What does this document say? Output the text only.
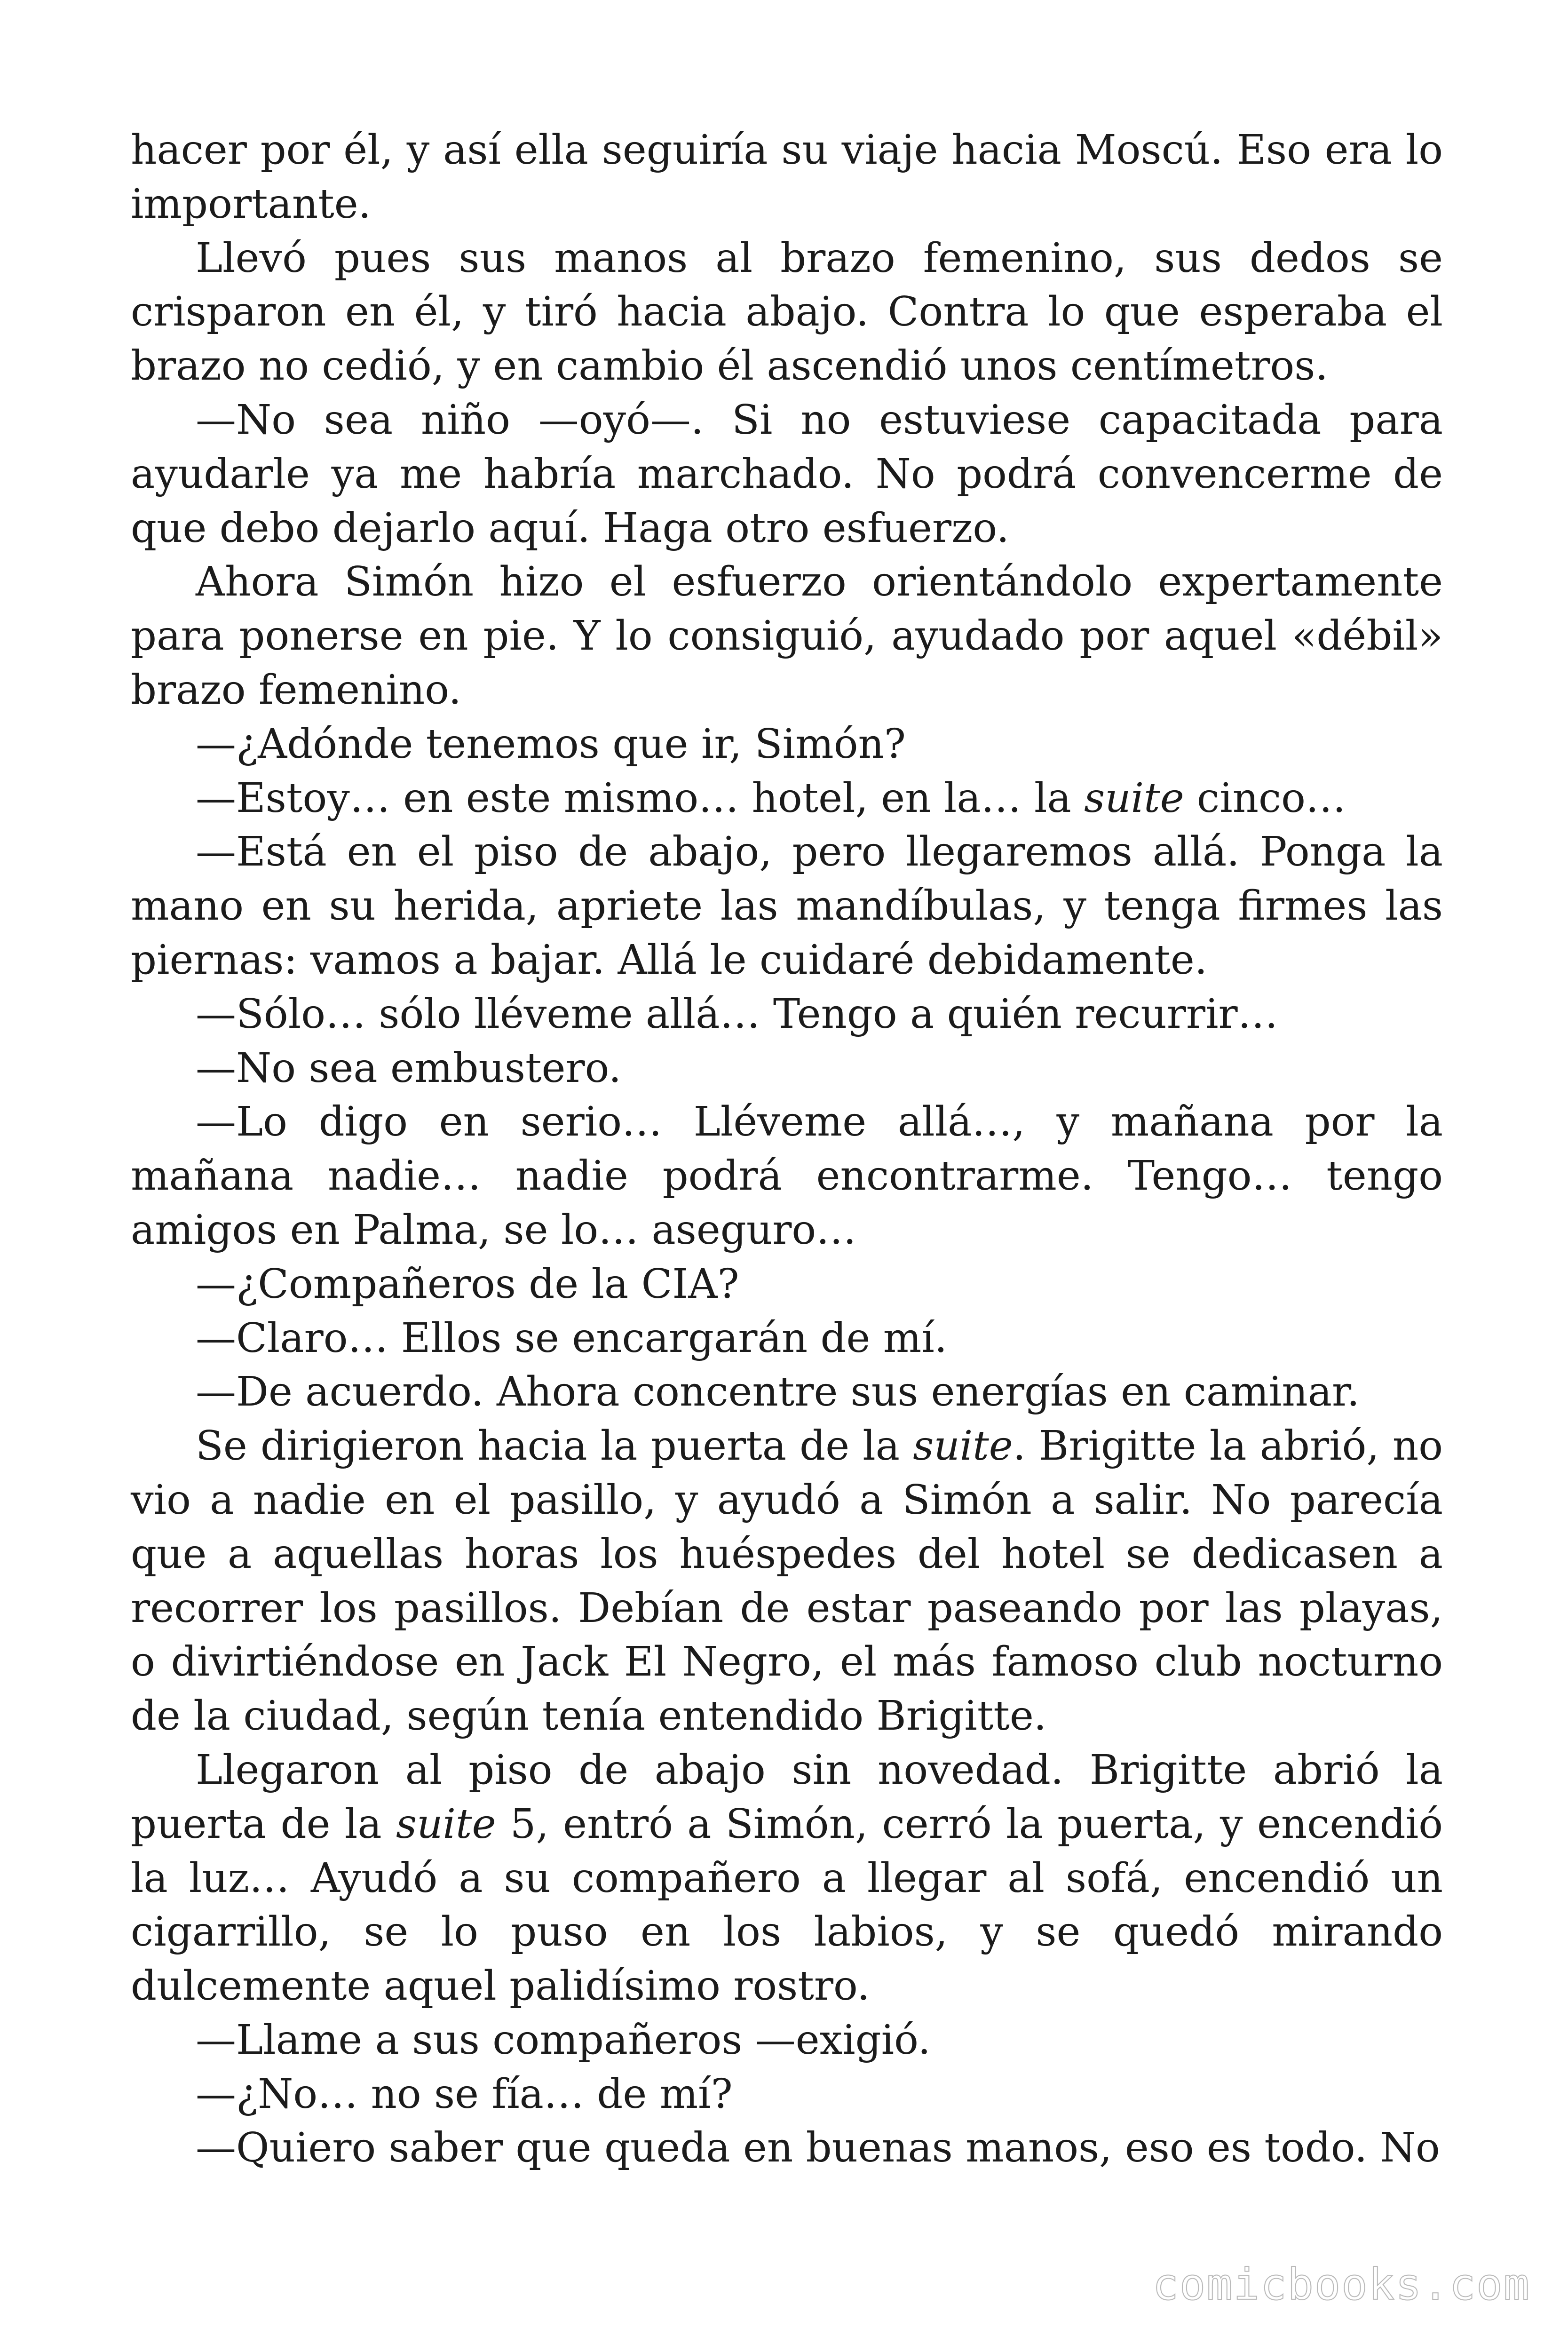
hacer por él, y así ella seguiría su viaje hacia Moscú. Eso era lo importante.

Llevó pues sus manos al brazo femenino, sus dedos se crisparon en él, y tiró hacia abajo. Contra lo que esperaba el brazo no cedió, y en cambio él ascendió unos centímetros.

—No sea niño —oyó—. Si no estuviese capacitada para ayudarle ya me habría marchado. No podrá convencerme de que debo dejarlo aquí. Haga otro esfuerzo.

Ahora Simón hizo el esfuerzo orientándolo expertamente para ponerse en pie. Y lo consiguió, ayudado por aquel «débil» brazo femenino.

—¿Adónde tenemos que ir, Simón?

—Estoy… en este mismo… hotel, en la… la suite cinco…

—Está en el piso de abajo, pero llegaremos allá. Ponga la mano en su herida, apriete las mandíbulas, y tenga firmes las piernas: vamos a bajar. Allá le cuidaré debidamente.

—Sólo… sólo lléveme allá… Tengo a quién recurrir…

—No sea embustero.

—Lo digo en serio… Lléveme allá…, y mañana por la mañana nadie… nadie podrá encontrarme. Tengo… tengo amigos en Palma, se lo… aseguro…

—¿Compañeros de la CIA?

—Claro… Ellos se encargarán de mí.

—De acuerdo. Ahora concentre sus energías en caminar.

Se dirigieron hacia la puerta de la suite. Brigitte la abrió, no vio a nadie en el pasillo, y ayudó a Simón a salir. No parecía que a aquellas horas los huéspedes del hotel se dedicasen a recorrer los pasillos. Debían de estar paseando por las playas, o divirtiéndose en Jack El Negro, el más famoso club nocturno de la ciudad, según tenía entendido Brigitte.

Llegaron al piso de abajo sin novedad. Brigitte abrió la puerta de la suite 5, entró a Simón, cerró la puerta, y encendió la luz… Ayudó a su compañero a llegar al sofá, encendió un cigarrillo, se lo puso en los labios, y se quedó mirando dulcemente aquel palidísimo rostro.

—Llame a sus compañeros —exigió.

—¿No… no se fía… de mí?

—Quiero saber que queda en buenas manos, eso es todo. No

comicbooks.com
